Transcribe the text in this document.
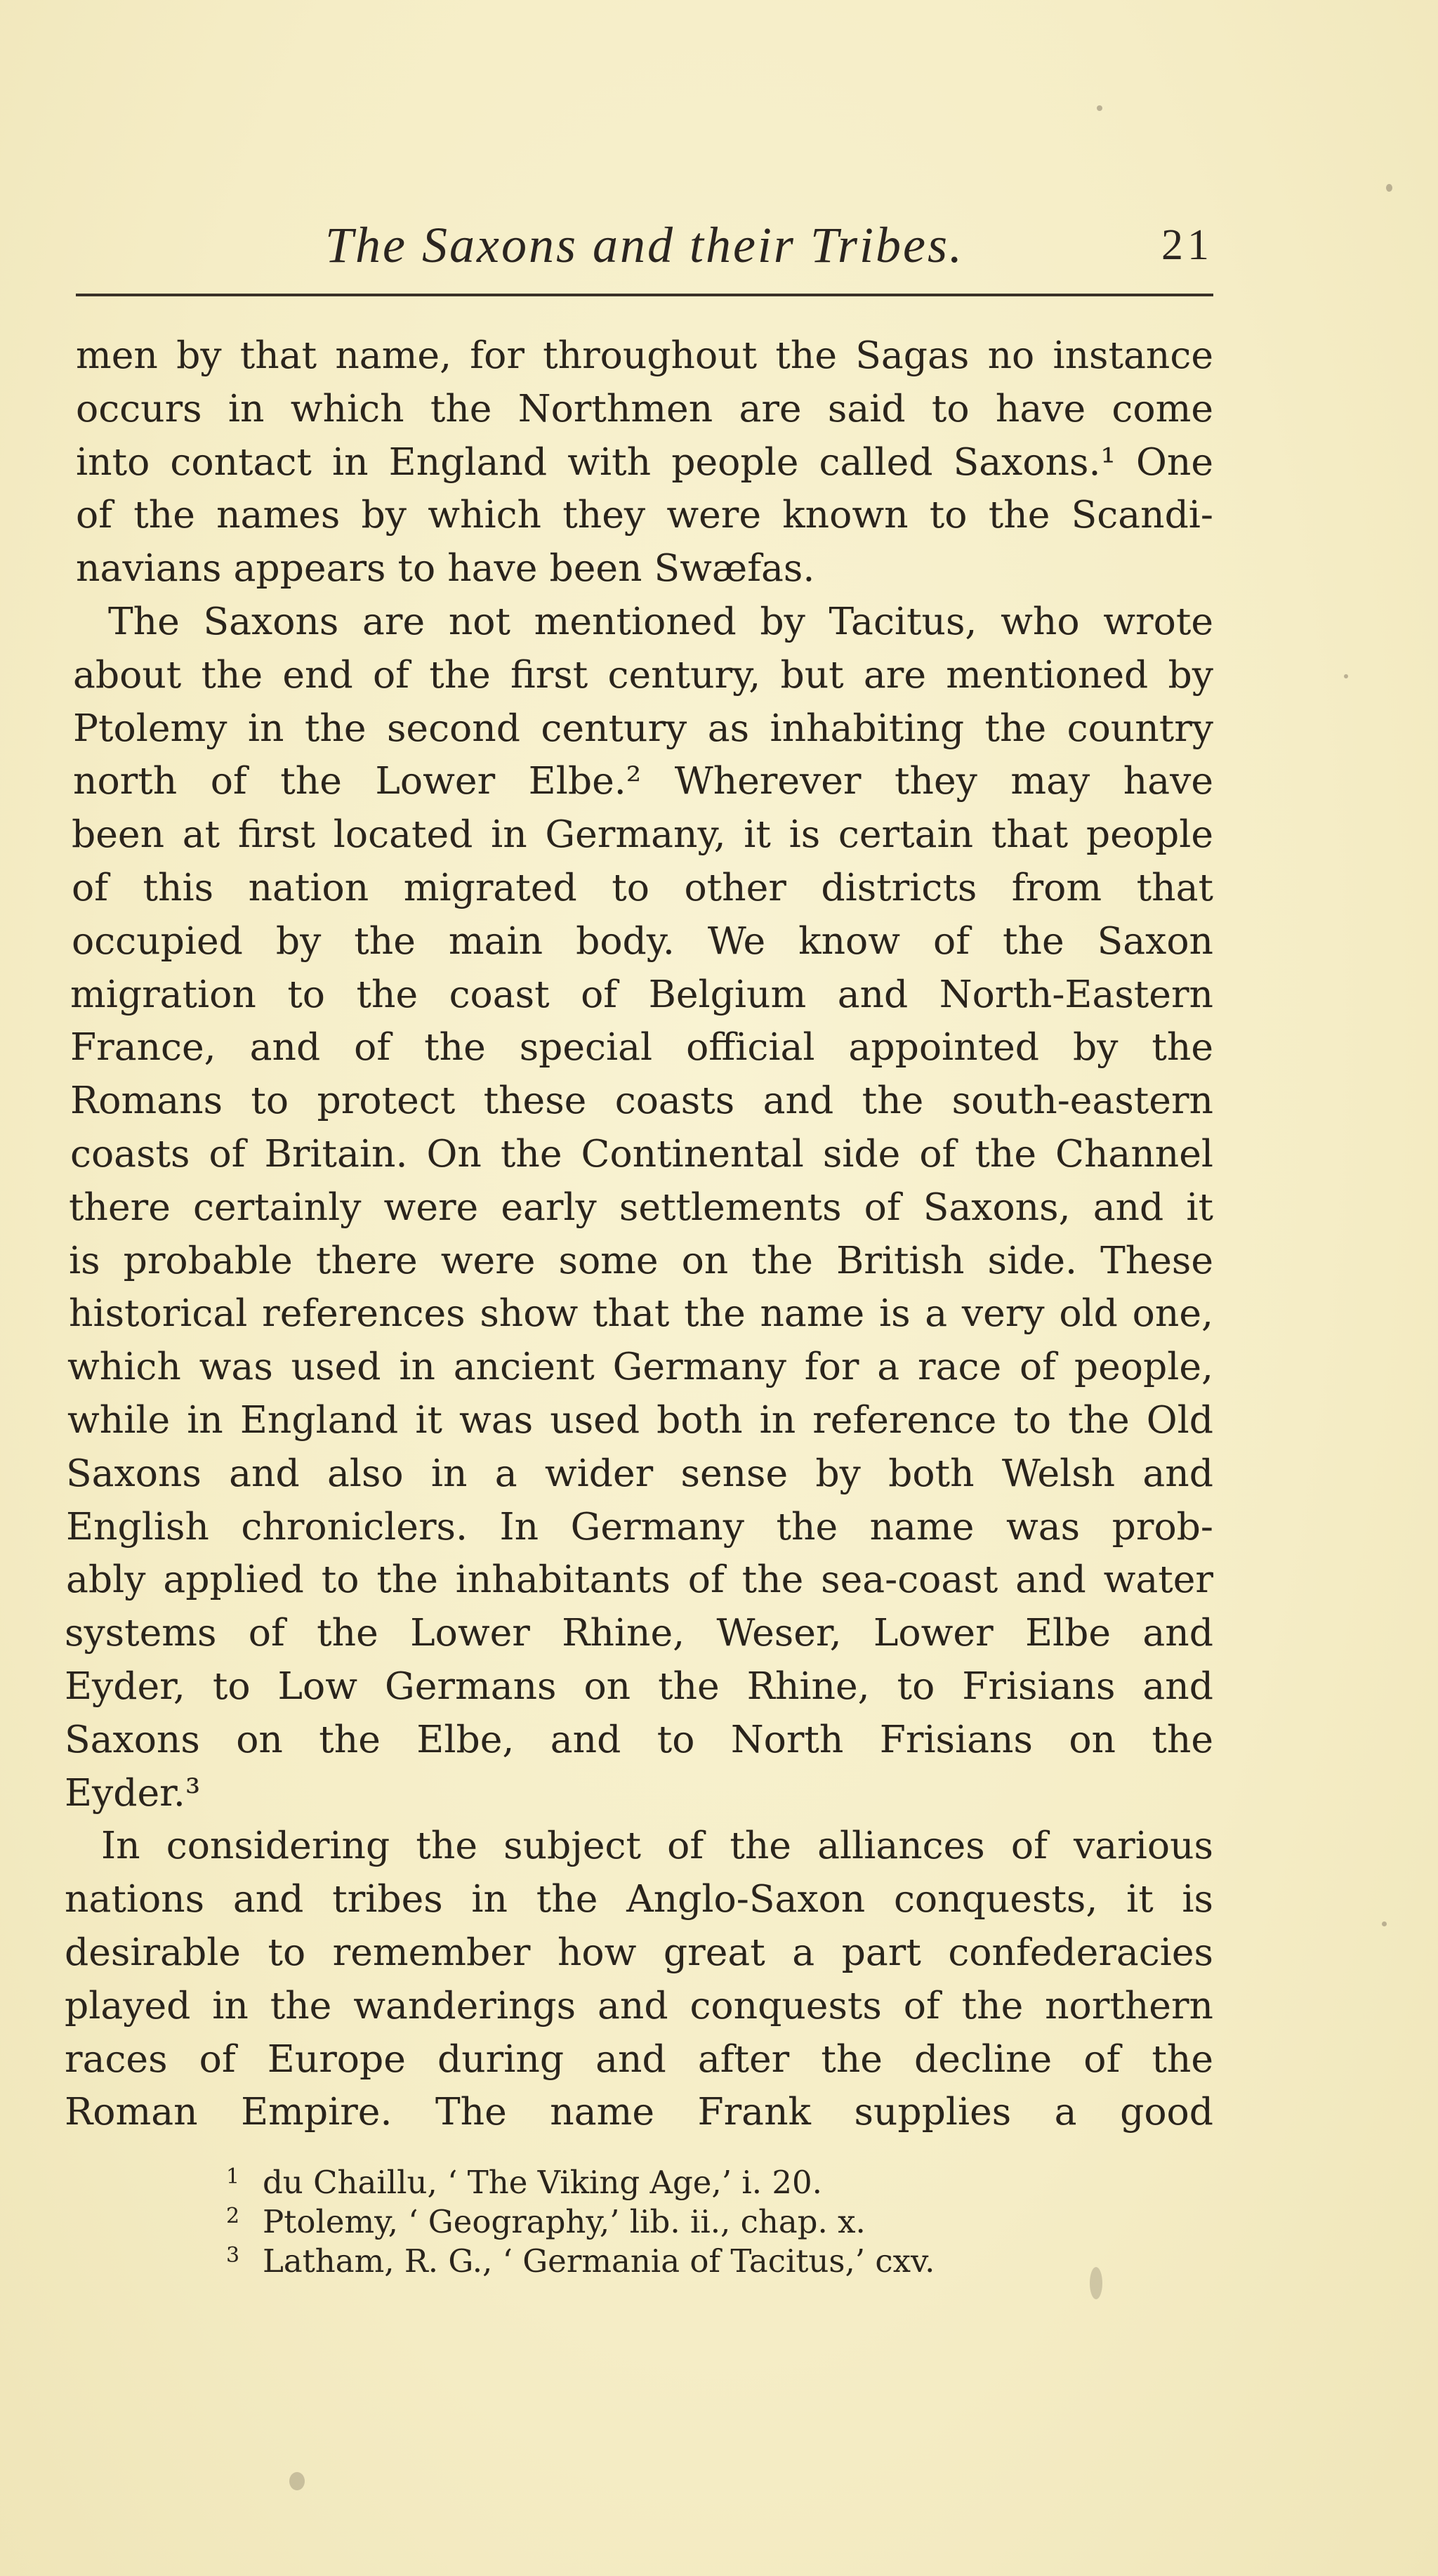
The Saxons and their Tribes.	21
men by that name, for throughout the Sagas no instance
occurs in which the Northmen are said to have come
into contact in England with people called Saxons.¹ One
of the names by which they were known to the Scandi-
navians appears to have been Swæfas.
The Saxons are not mentioned by Tacitus, who wrote
about the end of the first century, but are mentioned by
Ptolemy in the second century as inhabiting the country
north of the Lower Elbe.² Wherever they may have
been at first located in Germany, it is certain that people
of this nation migrated to other districts from that
occupied by the main body. We know of the Saxon
migration to the coast of Belgium and North-Eastern
France, and of the special official appointed by the
Romans to protect these coasts and the south-eastern
coasts of Britain. On the Continental side of the Channel
there certainly were early settlements of Saxons, and it
is probable there were some on the British side. These
historical references show that the name is a very old one,
which was used in ancient Germany for a race of people,
while in England it was used both in reference to the Old
Saxons and also in a wider sense by both Welsh and
English chroniclers. In Germany the name was prob-
ably applied to the inhabitants of the sea-coast and water
systems of the Lower Rhine, Weser, Lower Elbe and
Eyder, to Low Germans on the Rhine, to Frisians and
Saxons on the Elbe, and to North Frisians on the
Eyder.³
In considering the subject of the alliances of various
nations and tribes in the Anglo-Saxon conquests, it is
desirable to remember how great a part confederacies
played in the wanderings and conquests of the northern
races of Europe during and after the decline of the
Roman Empire. The name Frank supplies a good
1 du Chaillu, ‘ The Viking Age,’ i. 20.
2 Ptolemy, ‘ Geography,’ lib. ii., chap. x.
3 Latham, R. G., ‘ Germania of Tacitus,’ cxv.
